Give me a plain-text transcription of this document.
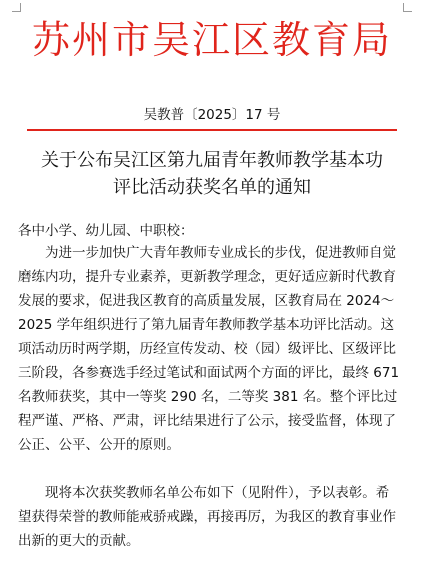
苏州市吴江区教育局
吴教普〔2025〕17 号
关于公布吴江区第九届青年教师教学基本功
评比活动获奖名单的通知
各中小学、幼儿园、中职校：
为进一步加快广大青年教师专业成长的步伐，促进教师自觉
磨练内功，提升专业素养，更新教学理念，更好适应新时代教育
发展的要求，促进我区教育的高质量发展，区教育局在 2024～
2025 学年组织进行了第九届青年教师教学基本功评比活动。这
项活动历时两学期，历经宣传发动、校（园）级评比、区级评比
三阶段，各参赛选手经过笔试和面试两个方面的评比，最终 671
名教师获奖，其中一等奖 290 名，二等奖 381 名。整个评比过
程严谨、严格、严肃，评比结果进行了公示，接受监督，体现了
公正、公平、公开的原则。
现将本次获奖教师名单公布如下（见附件），予以表彰。希
望获得荣誉的教师能戒骄戒躁，再接再厉，为我区的教育事业作
出新的更大的贡献。
